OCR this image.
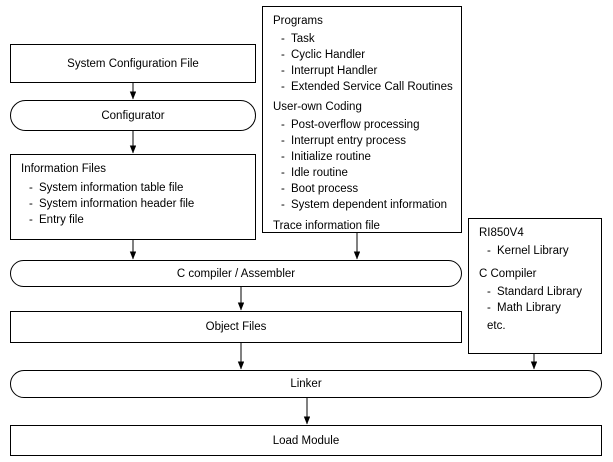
System Configuration File
Configurator
Information Files
- System information table file
- System information header file
- Entry file
Programs
- Task
- Cyclic Handler
- Interrupt Handler
- Extended Service Call Routines
User-own Coding
- Post-overflow processing
- Interrupt entry process
- Initialize routine
- Idle routine
- Boot process
- System dependent information
Trace information file
RI850V4
- Kernel Library
C Compiler
- Standard Library
- Math Library
etc.
C compiler / Assembler
Object Files
Linker
Load Module
